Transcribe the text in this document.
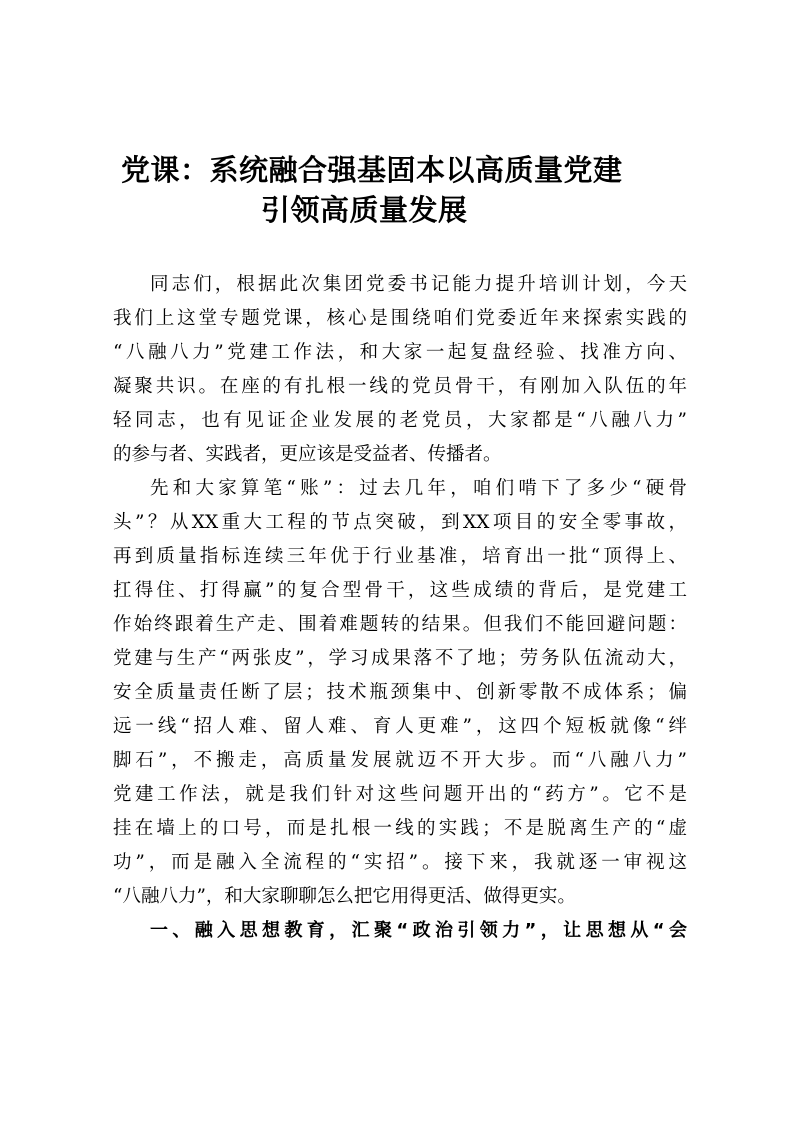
党课：系统融合强基固本以高质量党建
引领高质量发展
同志们，根据此次集团党委书记能力提升培训计划，今天
我们上这堂专题党课，核心是围绕咱们党委近年来探索实践的
“八融八力”党建工作法，和大家一起复盘经验、找准方向、
凝聚共识。在座的有扎根一线的党员骨干，有刚加入队伍的年
轻同志，也有见证企业发展的老党员，大家都是“八融八力”
的参与者、实践者，更应该是受益者、传播者。
先和大家算笔“账”：过去几年，咱们啃下了多少“硬骨
头”？从XX重大工程的节点突破，到XX项目的安全零事故，
再到质量指标连续三年优于行业基准，培育出一批“顶得上、
扛得住、打得赢”的复合型骨干，这些成绩的背后，是党建工
作始终跟着生产走、围着难题转的结果。但我们不能回避问题：
党建与生产“两张皮”，学习成果落不了地；劳务队伍流动大，
安全质量责任断了层；技术瓶颈集中、创新零散不成体系；偏
远一线“招人难、留人难、育人更难”，这四个短板就像“绊
脚石”，不搬走，高质量发展就迈不开大步。而“八融八力”
党建工作法，就是我们针对这些问题开出的“药方”。它不是
挂在墙上的口号，而是扎根一线的实践；不是脱离生产的“虚
功”，而是融入全流程的“实招”。接下来，我就逐一审视这
“八融八力”，和大家聊聊怎么把它用得更活、做得更实。
一、融入思想教育，汇聚“政治引领力”，让思想从“会
